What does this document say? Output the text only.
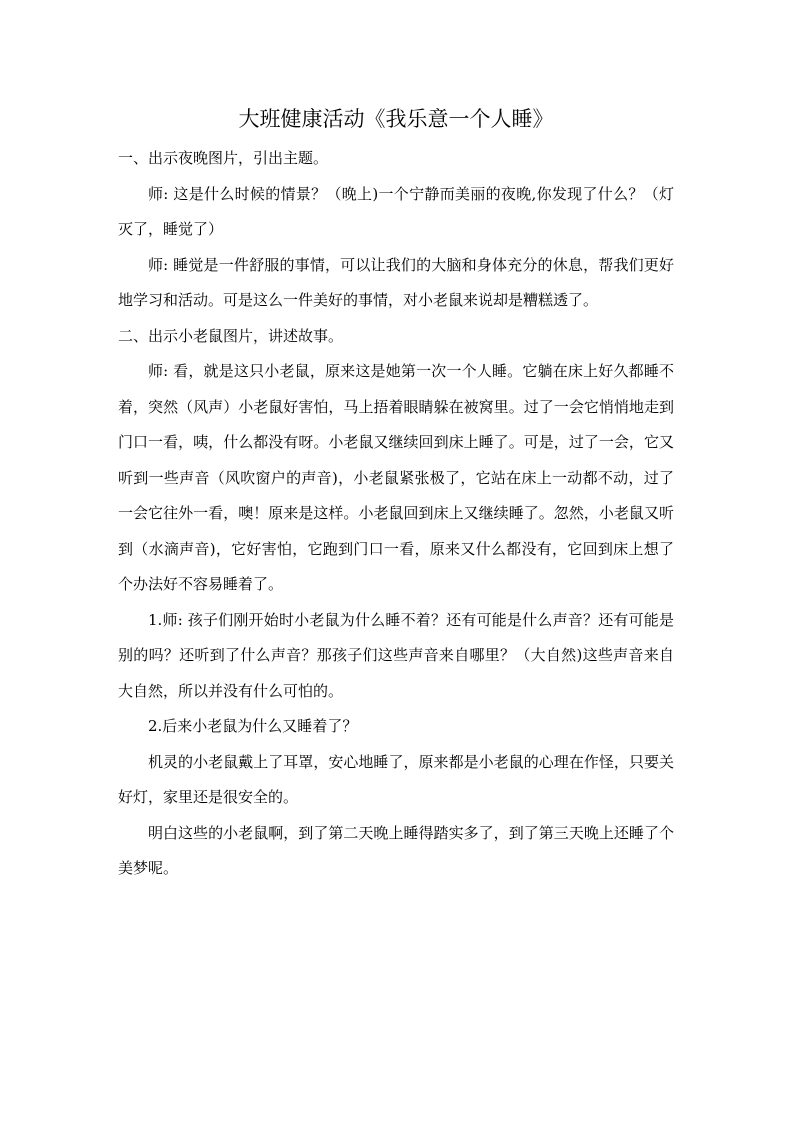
大班健康活动《我乐意一个人睡》

一、出示夜晚图片，引出主题。

师: 这是什么时候的情景？（晚上)一个宁静而美丽的夜晚,你发现了什么？（灯灭了，睡觉了）

师: 睡觉是一件舒服的事情，可以让我们的大脑和身体充分的休息，帮我们更好地学习和活动。可是这么一件美好的事情，对小老鼠来说却是糟糕透了。

二、出示小老鼠图片，讲述故事。

师: 看，就是这只小老鼠，原来这是她第一次一个人睡。它躺在床上好久都睡不着，突然（风声）小老鼠好害怕，马上捂着眼睛躲在被窝里。过了一会它悄悄地走到门口一看，咦，什么都没有呀。小老鼠又继续回到床上睡了。可是，过了一会，它又听到一些声音（风吹窗户的声音)，小老鼠紧张极了，它站在床上一动都不动，过了一会它往外一看，噢！原来是这样。小老鼠回到床上又继续睡了。忽然，小老鼠又听到（水滴声音)，它好害怕，它跑到门口一看，原来又什么都没有，它回到床上想了个办法好不容易睡着了。

1.师: 孩子们刚开始时小老鼠为什么睡不着？还有可能是什么声音？还有可能是别的吗？还听到了什么声音？那孩子们这些声音来自哪里？（大自然)这些声音来自大自然，所以并没有什么可怕的。

2.后来小老鼠为什么又睡着了？

机灵的小老鼠戴上了耳罩，安心地睡了，原来都是小老鼠的心理在作怪，只要关好灯，家里还是很安全的。

明白这些的小老鼠啊，到了第二天晚上睡得踏实多了，到了第三天晚上还睡了个美梦呢。
